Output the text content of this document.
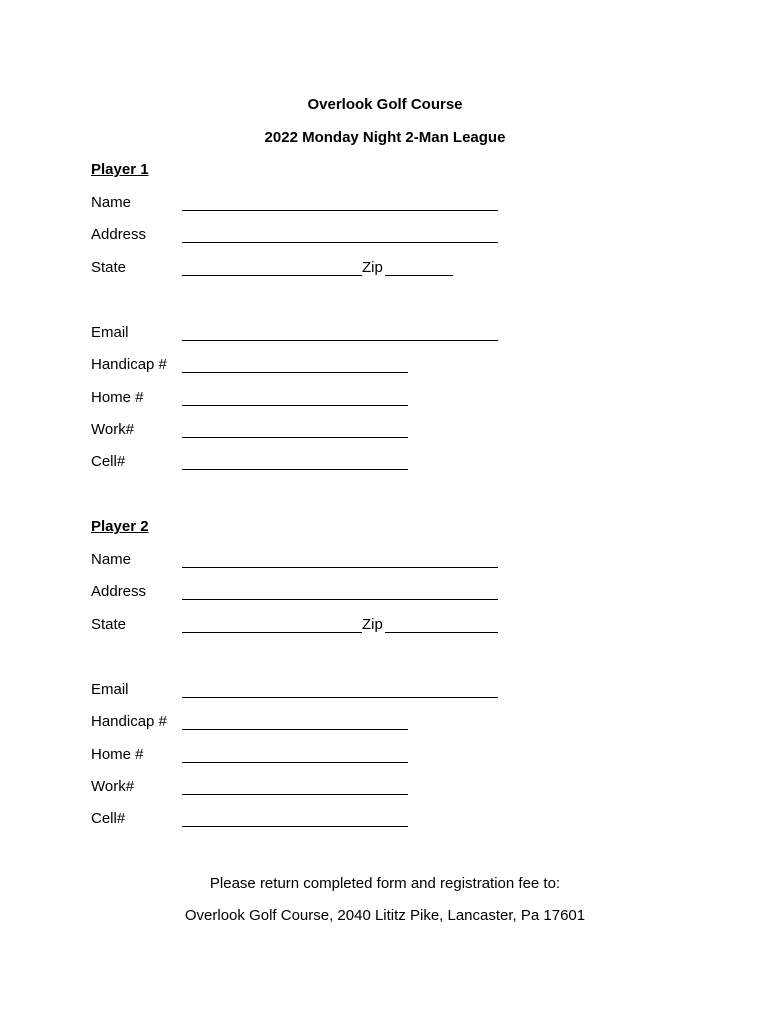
Overlook Golf Course
2022 Monday Night 2-Man League
Player 1
Name
Address
State	Zip
Email
Handicap #
Home #
Work#
Cell#
Player 2
Name
Address
State	Zip
Email
Handicap #
Home #
Work#
Cell#
Please return completed form and registration fee to:
Overlook Golf Course, 2040 Lititz Pike, Lancaster, Pa 17601
